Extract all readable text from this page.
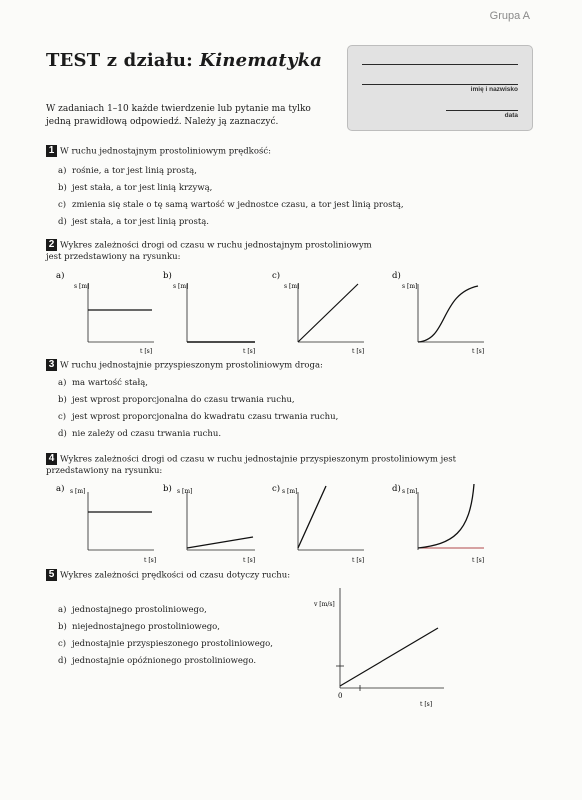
Grupa A
TEST z działu: Kinematyka
imię i nazwisko
data
W zadaniach 1–10 każde twierdzenie lub pytanie ma tylko jedną prawidłową odpowiedź. Należy ją zaznaczyć.
1 W ruchu jednostajnym prostoliniowym prędkość:
a) rośnie, a tor jest linią prostą,
b) jest stała, a tor jest linią krzywą,
c) zmienia się stale o tę samą wartość w jednostce czasu, a tor jest linią prostą,
d) jest stała, a tor jest linią prostą.
2 Wykres zależności drogi od czasu w ruchu jednostajnym prostoliniowym jest przedstawiony na rysunku:
a)
s [m]
t [s]
b)
s [m]
t [s]
c)
s [m]
t [s]
d)
s [m]
t [s]
3 W ruchu jednostajnie przyspieszonym prostoliniowym droga:
a) ma wartość stałą,
b) jest wprost proporcjonalna do czasu trwania ruchu,
c) jest wprost proporcjonalna do kwadratu czasu trwania ruchu,
d) nie zależy od czasu trwania ruchu.
4 Wykres zależności drogi od czasu w ruchu jednostajnie przyspieszonym prostoliniowym jest przedstawiony na rysunku:
a) s [m]
t [s]
b) s [m]
t [s]
c) s [m]
t [s]
d) s [m]
t [s]
5 Wykres zależności prędkości od czasu dotyczy ruchu:
a) jednostajnego prostoliniowego,
b) niejednostajnego prostoliniowego,
c) jednostajnie przyspieszonego prostoliniowego,
d) jednostajnie opóźnionego prostoliniowego.
v [m/s]
0
t [s]
